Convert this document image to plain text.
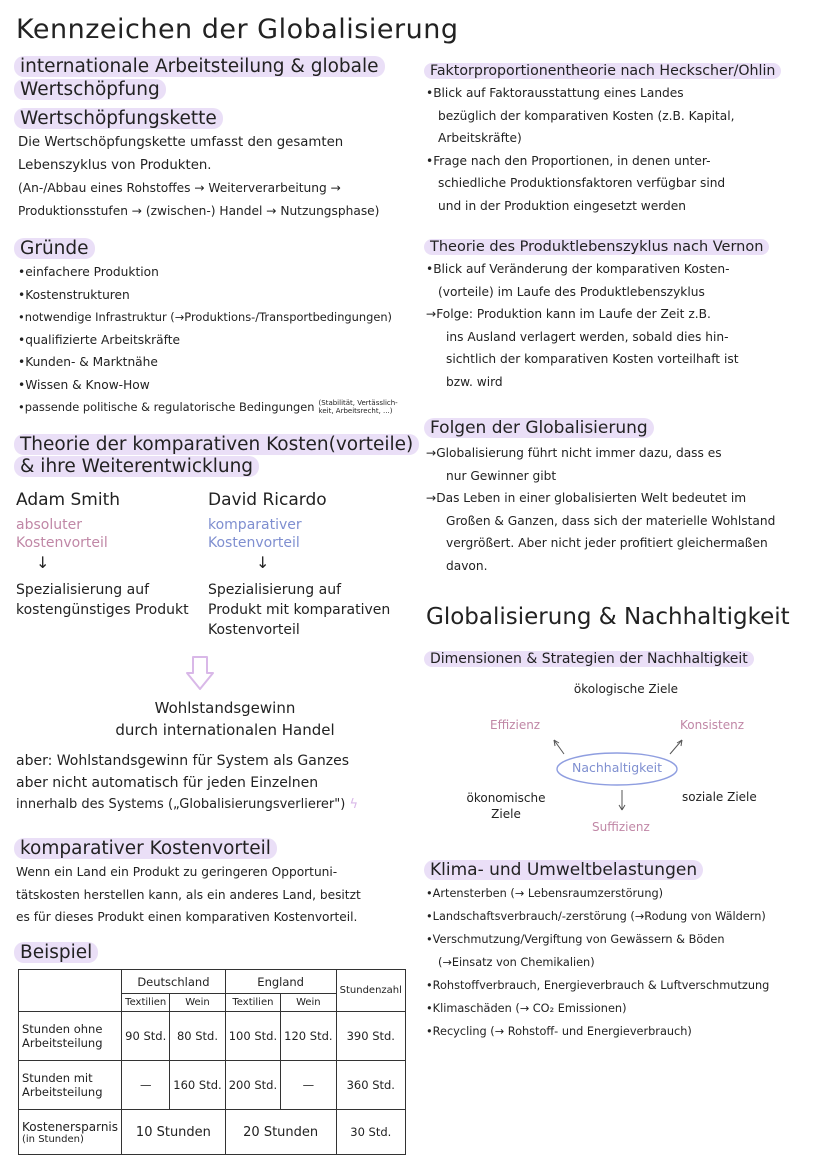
Kennzeichen der Globalisierung
internationale Arbeitsteilung & globale
Wertschöpfung
Wertschöpfungskette
Die Wertschöpfungskette umfasst den gesamten
Lebenszyklus von Produkten.
(An-/Abbau eines Rohstoffes → Weiterverarbeitung →
Produktionsstufen → (zwischen-) Handel → Nutzungsphase)
Gründe
•einfachere Produktion
•Kostenstrukturen
•notwendige Infrastruktur (→Produktions-/Transportbedingungen)
•qualifizierte Arbeitskräfte
•Kunden- & Marktnähe
•Wissen & Know-How
•passende politische & regulatorische Bedingungen (Stabilität, Vertässlich-
keit, Arbeitsrecht, ...)
Theorie der komparativen Kosten(vorteile)
& ihre Weiterentwicklung
Adam Smith
absoluter
Kostenvorteil
↓
Spezialisierung auf
kostengünstiges Produkt
David Ricardo
komparativer
Kostenvorteil
↓
Spezialisierung auf
Produkt mit komparativen
Kostenvorteil
Wohlstandsgewinn
durch internationalen Handel
aber: Wohlstandsgewinn für System als Ganzes
aber nicht automatisch für jeden Einzelnen
innerhalb des Systems („Globalisierungsverlierer") ϟ
komparativer Kostenvorteil
Wenn ein Land ein Produkt zu geringeren Opportuni-
tätskosten herstellen kann, als ein anderes Land, besitzt
es für dieses Produkt einen komparativen Kostenvorteil.
Beispiel
	Deutschland		England		Stundenzahl
	Textilien	Wein	Textilien	Wein	

Stunden ohne
Arbeitsteilung	90 Std.	80 Std.	100 Std.	120 Std.	390 Std.

Stunden mit
Arbeitsteilung	—	160 Std.	200 Std.	—	360 Std.

Kostenersparnis
(in Stunden)	10 Stunden		20 Stunden		30 Std.
Faktorproportionentheorie nach Heckscher/Ohlin
•Blick auf Faktorausstattung eines Landes
bezüglich der komparativen Kosten (z.B. Kapital,
Arbeitskräfte)
•Frage nach den Proportionen, in denen unter-
schiedliche Produktionsfaktoren verfügbar sind
und in der Produktion eingesetzt werden
Theorie des Produktlebenszyklus nach Vernon
•Blick auf Veränderung der komparativen Kosten-
(vorteile) im Laufe des Produktlebenszyklus
→Folge: Produktion kann im Laufe der Zeit z.B.
ins Ausland verlagert werden, sobald dies hin-
sichtlich der komparativen Kosten vorteilhaft ist
bzw. wird
Folgen der Globalisierung
→Globalisierung führt nicht immer dazu, dass es
nur Gewinner gibt
→Das Leben in einer globalisierten Welt bedeutet im
Großen & Ganzen, dass sich der materielle Wohlstand
vergrößert. Aber nicht jeder profitiert gleichermaßen
davon.
Globalisierung & Nachhaltigkeit
Dimensionen & Strategien der Nachhaltigkeit
ökologische Ziele
Effizienz	Konsistenz
Nachhaltigkeit
ökonomische
Ziele
soziale Ziele
Suffizienz
Klima- und Umweltbelastungen
•Artensterben (→ Lebensraumzerstörung)
•Landschaftsverbrauch/-zerstörung (→Rodung von Wäldern)
•Verschmutzung/Vergiftung von Gewässern & Böden
(→Einsatz von Chemikalien)
•Rohstoffverbrauch, Energieverbrauch & Luftverschmutzung
•Klimaschäden (→ CO₂ Emissionen)
•Recycling (→ Rohstoff- und Energieverbrauch)
